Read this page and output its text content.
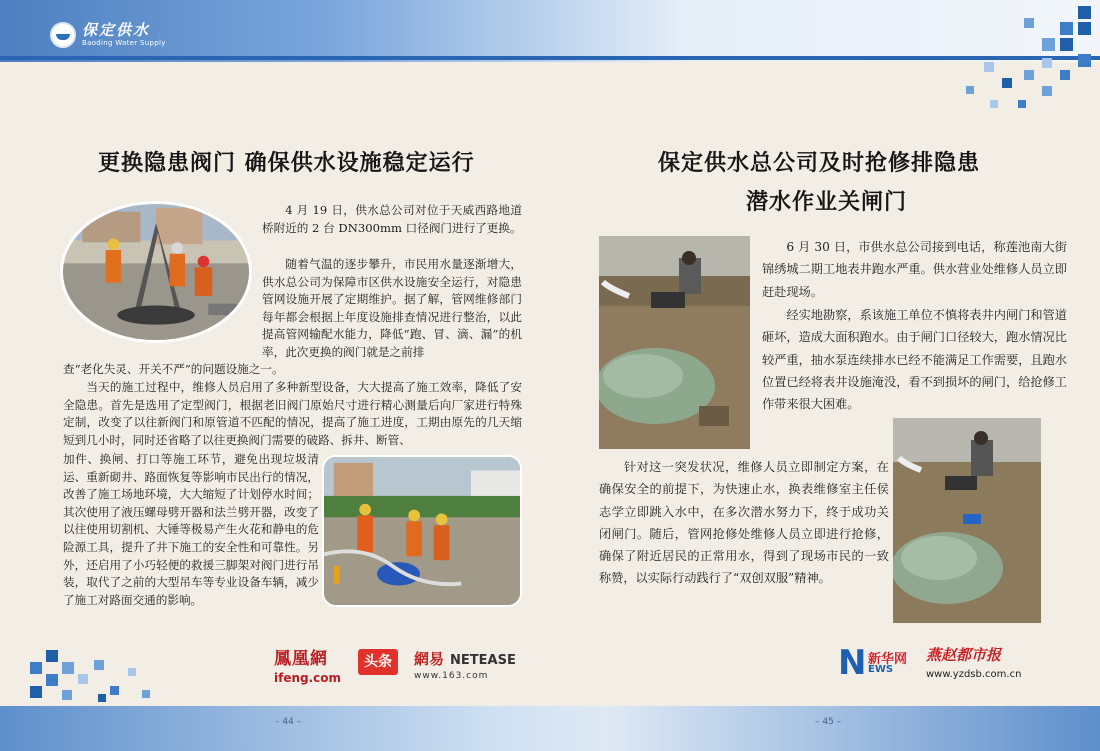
保定供水
Baoding Water Supply
更换隐患阀门 确保供水设施稳定运行
4 月 19 日，供水总公司对位于天威西路地道桥附近的 2 台 DN300mm 口径阀门进行了更换。
随着气温的逐步攀升，市民用水量逐渐增大，供水总公司为保障市区供水设施安全运行，对隐患管网设施开展了定期维护。据了解，管网维修部门每年都会根据上年度设施排查情况进行整治，以此提高管网输配水能力，降低“跑、冒、滴、漏”的机率，此次更换的阀门就是之前排
查“老化失灵、开关不严”的问题设施之一。
当天的施工过程中，维修人员启用了多种新型设备，大大提高了施工效率，降低了安全隐患。首先是选用了定型阀门，根据老旧阀门原始尺寸进行精心测量后向厂家进行特殊定制，改变了以往新阀门和原管道不匹配的情况，提高了施工进度，工期由原先的几天缩短到几小时，同时还省略了以往更换阀门需要的破路、拆井、断管、
加件、换闸、打口等施工环节，避免出现垃圾清运、重新砌井、路面恢复等影响市民出行的情况，改善了施工场地环境，大大缩短了计划停水时间；其次使用了液压螺母劈开器和法兰劈开器，改变了以往使用切割机、大锤等极易产生火花和静电的危险源工具，提升了井下施工的安全性和可靠性。另外，还启用了小巧轻便的救援三脚架对阀门进行吊装，取代了之前的大型吊车等专业设备车辆，减少了施工对路面交通的影响。
鳳凰網
ifeng.com
头条	網易 NETEASE
www.163.com
保定供水总公司及时抢修排隐患
潜水作业关闸门
6 月 30 日，市供水总公司接到电话，称莲池南大街锦绣城二期工地表井跑水严重。供水营业处维修人员立即赶赴现场。
经实地勘察，系该施工单位不慎将表井内闸门和管道砸坏，造成大面积跑水。由于闸门口径较大，跑水情况比较严重，抽水泵连续排水已经不能满足工作需要，且跑水位置已经将表井设施淹没，看不到损坏的闸门，给抢修工作带来很大困难。
针对这一突发状况，维修人员立即制定方案，在确保安全的前提下，为快速止水，换表维修室主任侯志学立即跳入水中，在多次潜水努力下，终于成功关闭闸门。随后，管网抢修处维修人员立即进行抢修，确保了附近居民的正常用水，得到了现场市民的一致称赞，以实际行动践行了“双创双服”精神。
N 新华网
EWS
燕赵都市报
www.yzdsb.com.cn
– 44 –	– 45 –
